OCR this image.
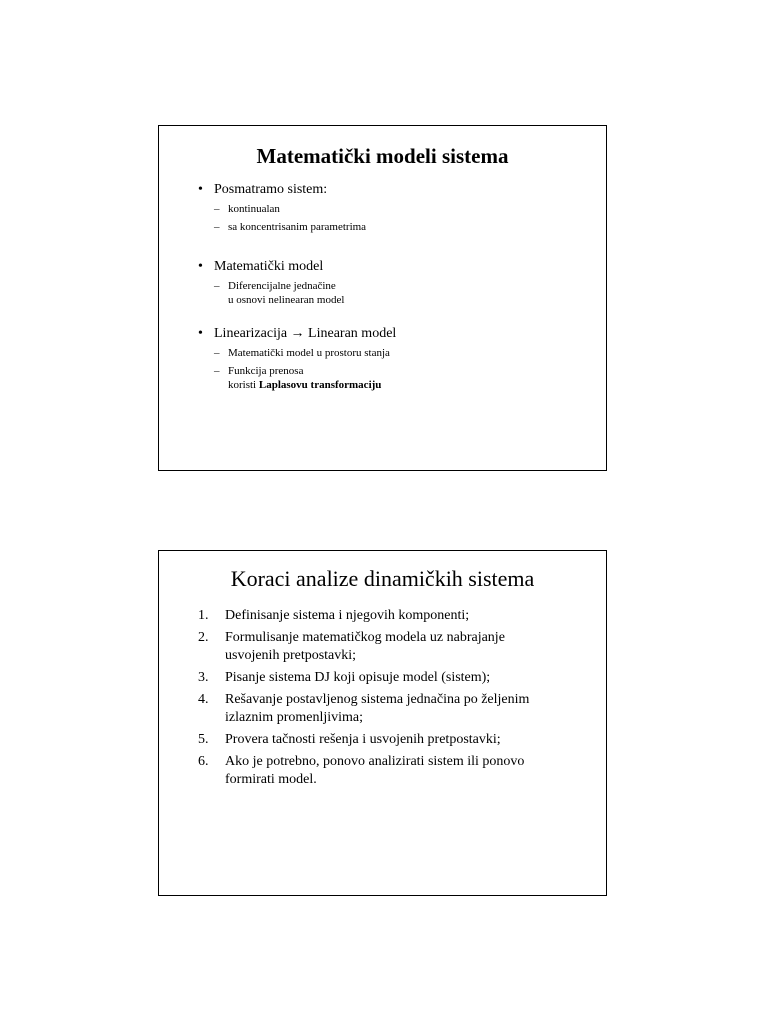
Matematički modeli sistema
• Posmatramo sistem:
– kontinualan
– sa koncentrisanim parametrima
• Matematički model
– Diferencijalne jednačine
u osnovi nelinearan model
• Linearizacija → Linearan model
– Matematički model u prostoru stanja
– Funkcija prenosa
koristi Laplasovu transformaciju
Koraci analize dinamičkih sistema
1. Definisanje sistema i njegovih komponenti;
2. Formulisanje matematičkog modela uz nabrajanje usvojenih pretpostavki;
3. Pisanje sistema DJ koji opisuje model (sistem);
4. Rešavanje postavljenog sistema jednačina po željenim izlaznim promenljivima;
5. Provera tačnosti rešenja i usvojenih pretpostavki;
6. Ako je potrebno, ponovo analizirati sistem ili ponovo formirati model.
